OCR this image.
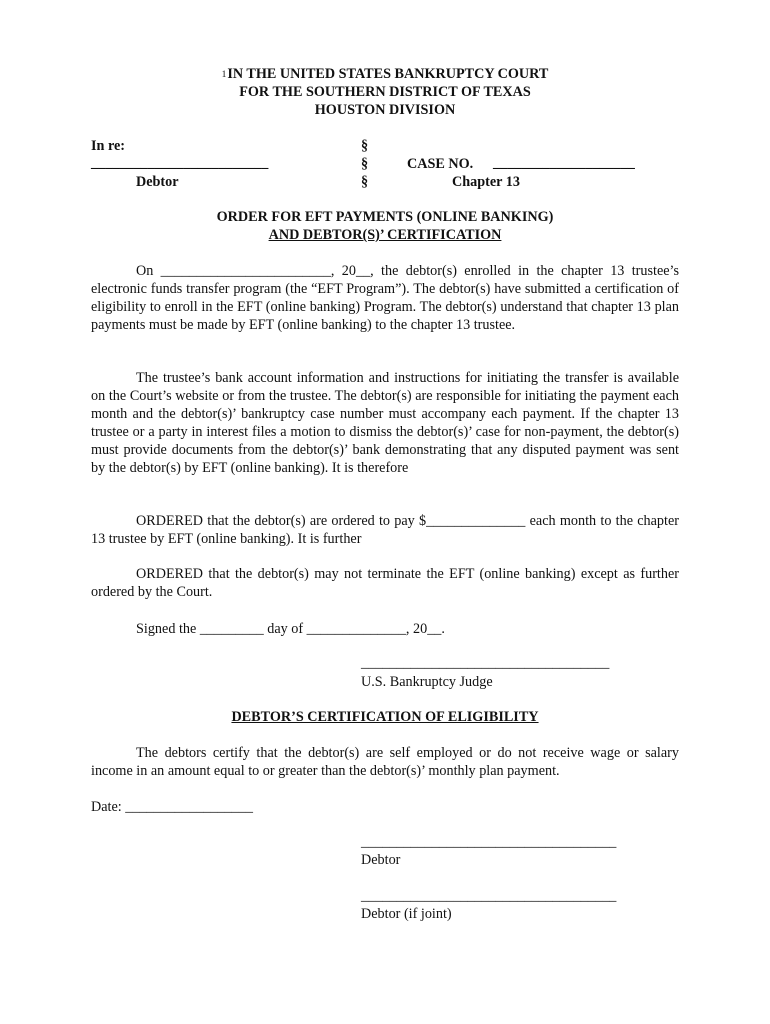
1IN THE UNITED STATES BANKRUPTCY COURT
FOR THE SOUTHERN DISTRICT OF TEXAS
HOUSTON DIVISION
In re:
_________________________
Debtor
§
§
§
CASE NO. ____________________
Chapter 13
ORDER FOR EFT PAYMENTS (ONLINE BANKING)
AND DEBTOR(S)’ CERTIFICATION
On ________________________, 20__, the debtor(s) enrolled in the chapter 13 trustee’s electronic funds transfer program (the “EFT Program”). The debtor(s) have submitted a certification of eligibility to enroll in the EFT (online banking) Program. The debtor(s) understand that chapter 13 plan payments must be made by EFT (online banking) to the chapter 13 trustee.
The trustee’s bank account information and instructions for initiating the transfer is available on the Court’s website or from the trustee. The debtor(s) are responsible for initiating the payment each month and the debtor(s)’ bankruptcy case number must accompany each payment. If the chapter 13 trustee or a party in interest files a motion to dismiss the debtor(s)’ case for non-payment, the debtor(s) must provide documents from the debtor(s)’ bank demonstrating that any disputed payment was sent by the debtor(s) by EFT (online banking). It is therefore
ORDERED that the debtor(s) are ordered to pay $______________ each month to the chapter 13 trustee by EFT (online banking). It is further
ORDERED that the debtor(s) may not terminate the EFT (online banking) except as further ordered by the Court.
Signed the _________ day of ______________, 20__.
___________________________________
U.S. Bankruptcy Judge
DEBTOR’S CERTIFICATION OF ELIGIBILITY
The debtors certify that the debtor(s) are self employed or do not receive wage or salary income in an amount equal to or greater than the debtor(s)’ monthly plan payment.
Date: __________________
____________________________________
Debtor
____________________________________
Debtor (if joint)
